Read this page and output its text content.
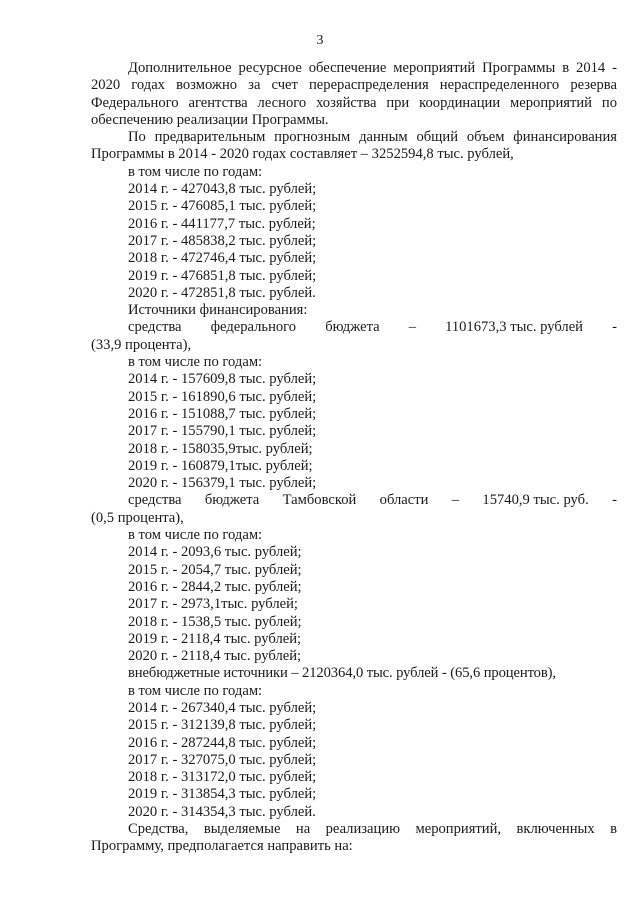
3

Дополнительное ресурсное обеспечение мероприятий Программы в 2014 - 2020 годах возможно за счет перераспределения нераспределенного резерва Федерального агентства лесного хозяйства при координации мероприятий по обеспечению реализации Программы.

По предварительным прогнозным данным общий объем финансирования Программы в 2014 - 2020 годах составляет – 3252594,8 тыс. рублей,

в том числе по годам:

2014 г. - 427043,8 тыс. рублей;

2015 г. - 476085,1 тыс. рублей;

2016 г. - 441177,7 тыс. рублей;

2017 г. - 485838,2 тыс. рублей;

2018 г. - 472746,4 тыс. рублей;

2019 г. - 476851,8 тыс. рублей;

2020 г. - 472851,8 тыс. рублей.

Источники финансирования:

средства федерального бюджета – 1101673,3 тыс. рублей -

(33,9 процента),

в том числе по годам:

2014 г. - 157609,8 тыс. рублей;

2015 г. - 161890,6 тыс. рублей;

2016 г. - 151088,7 тыс. рублей;

2017 г. - 155790,1 тыс. рублей;

2018 г. - 158035,9тыс. рублей;

2019 г. - 160879,1тыс. рублей;

2020 г. - 156379,1 тыс. рублей;

средства бюджета Тамбовской области – 15740,9 тыс. руб. -

(0,5 процента),

в том числе по годам:

2014 г. - 2093,6 тыс. рублей;

2015 г. - 2054,7 тыс. рублей;

2016 г. - 2844,2 тыс. рублей;

2017 г. - 2973,1тыс. рублей;

2018 г. - 1538,5 тыс. рублей;

2019 г. - 2118,4 тыс. рублей;

2020 г. - 2118,4 тыс. рублей;

внебюджетные источники – 2120364,0 тыс. рублей - (65,6 процентов),

в том числе по годам:

2014 г. - 267340,4 тыс. рублей;

2015 г. - 312139,8 тыс. рублей;

2016 г. - 287244,8 тыс. рублей;

2017 г. - 327075,0 тыс. рублей;

2018 г. - 313172,0 тыс. рублей;

2019 г. - 313854,3 тыс. рублей;

2020 г. - 314354,3 тыс. рублей.

Средства, выделяемые на реализацию мероприятий, включенных в Программу, предполагается направить на:
